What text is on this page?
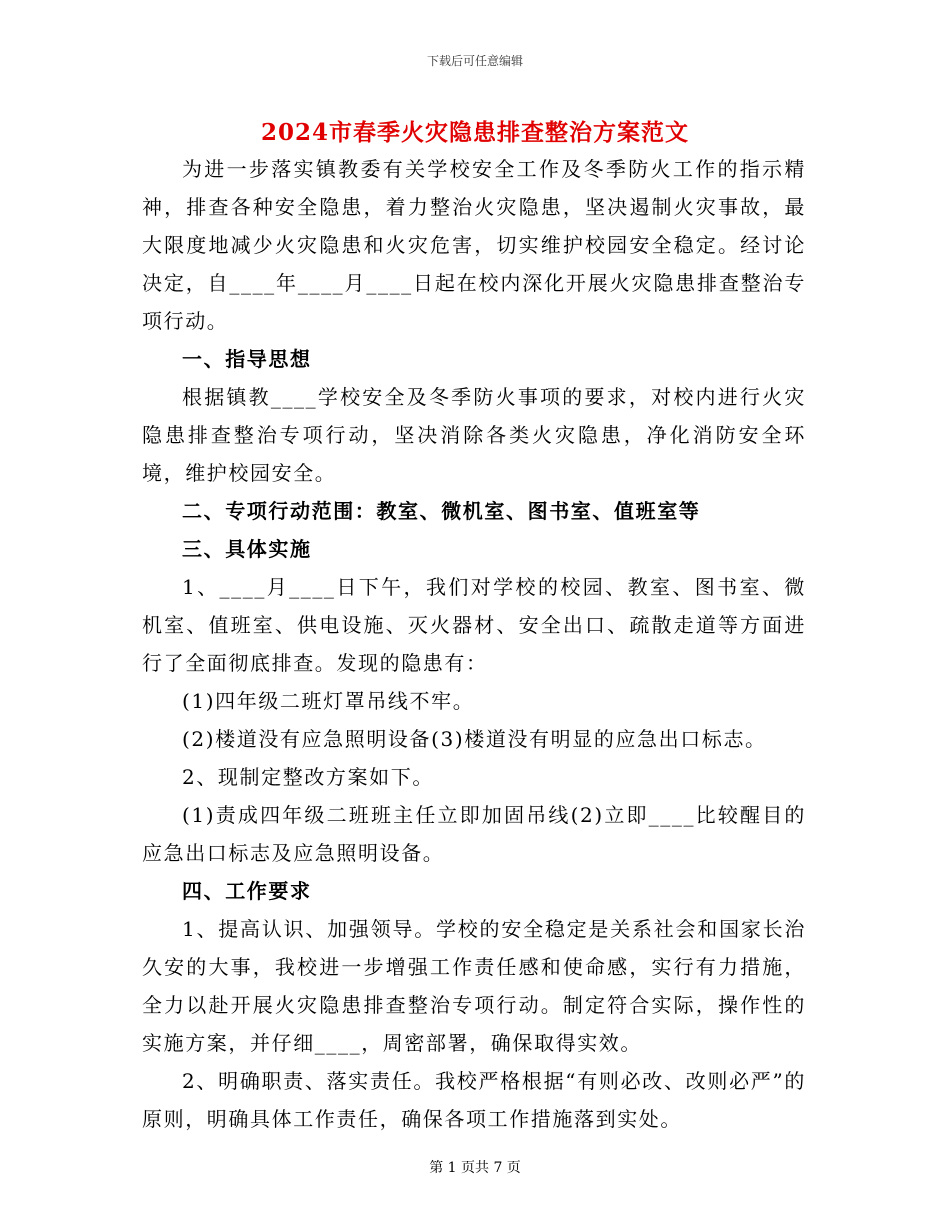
下载后可任意编辑
2024市春季火灾隐患排查整治方案范文

为进一步落实镇教委有关学校安全工作及冬季防火工作的指示精神，排查各种安全隐患，着力整治火灾隐患，坚决遏制火灾事故，最大限度地减少火灾隐患和火灾危害，切实维护校园安全稳定。经讨论决定，自____年____月____日起在校内深化开展火灾隐患排查整治专项行动。

一、指导思想

根据镇教____学校安全及冬季防火事项的要求，对校内进行火灾隐患排查整治专项行动，坚决消除各类火灾隐患，净化消防安全环境，维护校园安全。

二、专项行动范围：教室、微机室、图书室、值班室等

三、具体实施

1、____月____日下午，我们对学校的校园、教室、图书室、微机室、值班室、供电设施、灭火器材、安全出口、疏散走道等方面进行了全面彻底排查。发现的隐患有：

(1)四年级二班灯罩吊线不牢。

(2)楼道没有应急照明设备(3)楼道没有明显的应急出口标志。

2、现制定整改方案如下。

(1)责成四年级二班班主任立即加固吊线(2)立即____比较醒目的应急出口标志及应急照明设备。

四、工作要求

1、提高认识、加强领导。学校的安全稳定是关系社会和国家长治久安的大事，我校进一步增强工作责任感和使命感，实行有力措施，全力以赴开展火灾隐患排查整治专项行动。制定符合实际，操作性的实施方案，并仔细____，周密部署，确保取得实效。

2、明确职责、落实责任。我校严格根据“有则必改、改则必严”的原则，明确具体工作责任，确保各项工作措施落到实处。

第 1 页共 7 页
